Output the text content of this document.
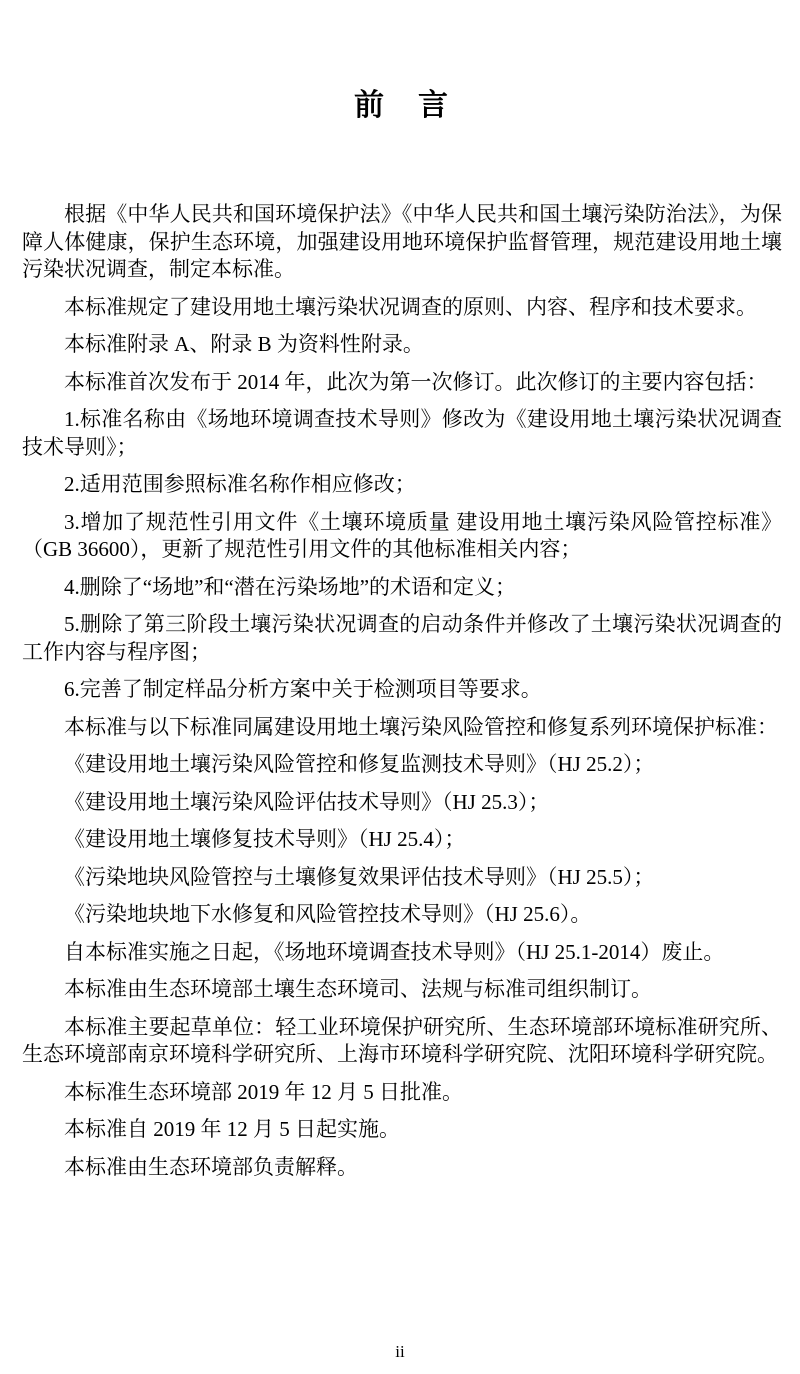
前　言

根据《中华人民共和国环境保护法》《中华人民共和国土壤污染防治法》，为保障人体健康，保护生态环境，加强建设用地环境保护监督管理，规范建设用地土壤污染状况调查，制定本标准。

本标准规定了建设用地土壤污染状况调查的原则、内容、程序和技术要求。

本标准附录 A、附录 B 为资料性附录。

本标准首次发布于 2014 年，此次为第一次修订。此次修订的主要内容包括：

1.标准名称由《场地环境调查技术导则》修改为《建设用地土壤污染状况调查技术导则》；

2.适用范围参照标准名称作相应修改；

3.增加了规范性引用文件《土壤环境质量 建设用地土壤污染风险管控标准》（GB 36600），更新了规范性引用文件的其他标准相关内容；

4.删除了“场地”和“潜在污染场地”的术语和定义；

5.删除了第三阶段土壤污染状况调查的启动条件并修改了土壤污染状况调查的工作内容与程序图；

6.完善了制定样品分析方案中关于检测项目等要求。

本标准与以下标准同属建设用地土壤污染风险管控和修复系列环境保护标准：

《建设用地土壤污染风险管控和修复监测技术导则》（HJ 25.2）；

《建设用地土壤污染风险评估技术导则》（HJ 25.3）；

《建设用地土壤修复技术导则》（HJ 25.4）；

《污染地块风险管控与土壤修复效果评估技术导则》（HJ 25.5）；

《污染地块地下水修复和风险管控技术导则》（HJ 25.6）。

自本标准实施之日起，《场地环境调查技术导则》（HJ 25.1-2014）废止。

本标准由生态环境部土壤生态环境司、法规与标准司组织制订。

本标准主要起草单位：轻工业环境保护研究所、生态环境部环境标准研究所、生态环境部南京环境科学研究所、上海市环境科学研究院、沈阳环境科学研究院。

本标准生态环境部 2019 年 12 月 5 日批准。

本标准自 2019 年 12 月 5 日起实施。

本标准由生态环境部负责解释。

ii
